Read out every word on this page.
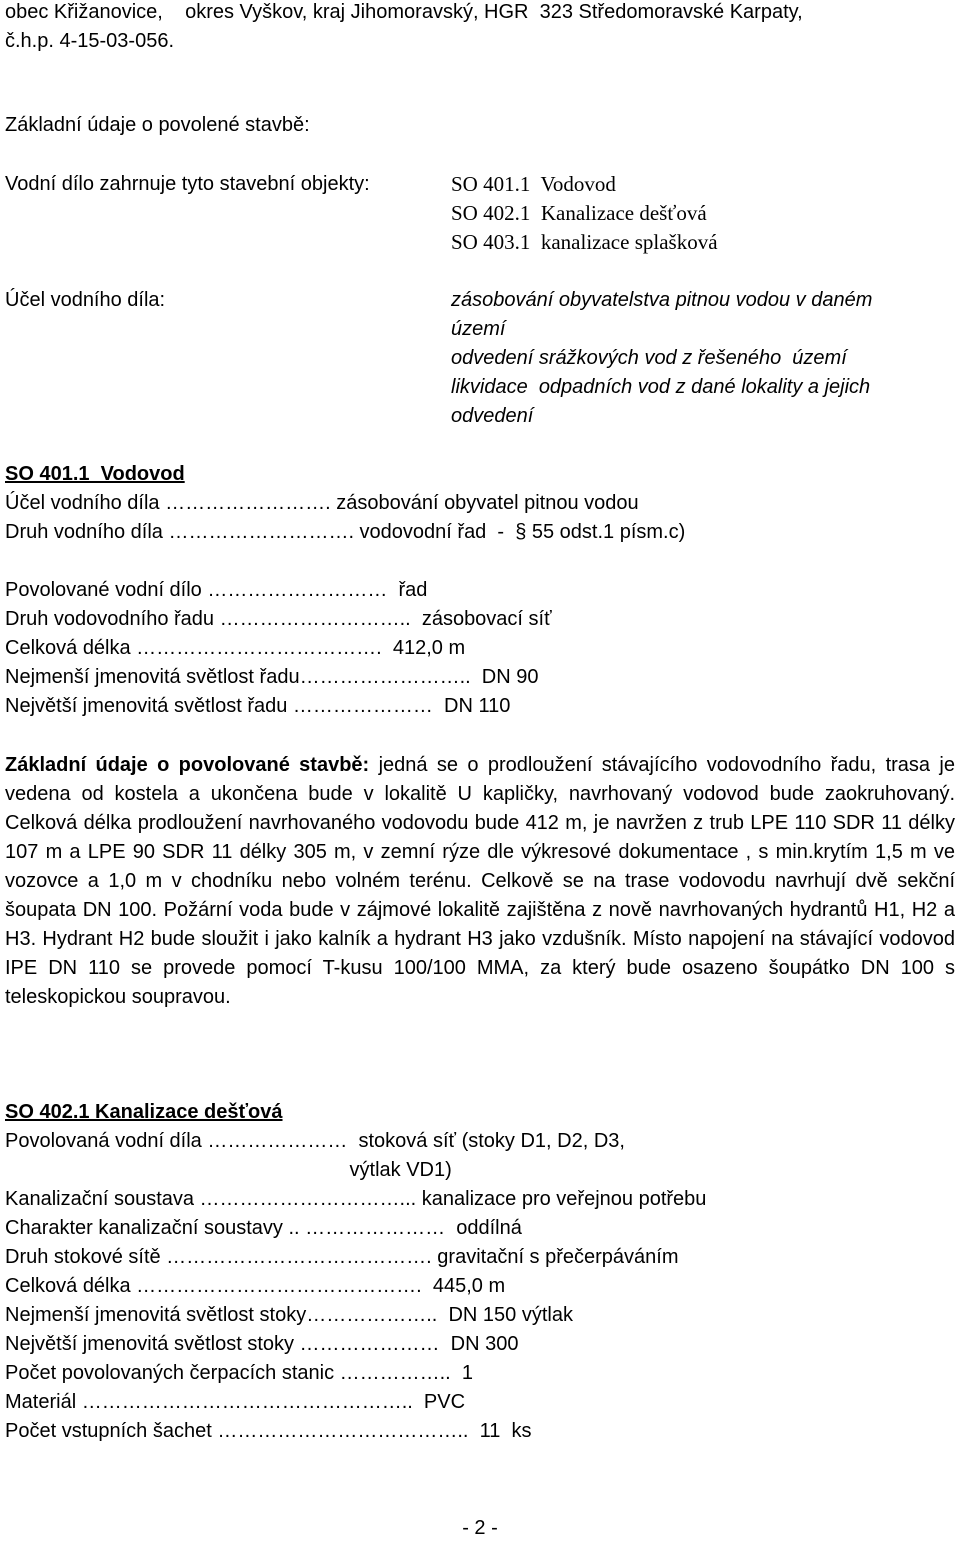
obec Křižanovice,    okres Vyškov, kraj Jihomoravský, HGR  323 Středomoravské Karpaty,
č.h.p. 4-15-03-056.
Základní údaje o povolené stavbě:
Vodní dílo zahrnuje tyto stavební objekty:	SO 401.1  Vodovod
SO 402.1  Kanalizace dešťová
SO 403.1  kanalizace splašková
Účel vodního díla:	zásobování obyvatelstva pitnou vodou v daném
území
odvedení srážkových vod z řešeného  území
likvidace  odpadních vod z dané lokality a jejich
odvedení
SO 401.1  Vodovod
Účel vodního díla ……………………. zásobování obyvatel pitnou vodou
Druh vodního díla ………………………. vodovodní řad  -  § 55 odst.1 písm.c)
Povolované vodní dílo ………………………  řad
Druh vodovodního řadu ………………………..  zásobovací síť
Celková délka ……………………………….  412,0 m
Nejmenší jmenovitá světlost řadu……………………..  DN 90
Největší jmenovitá světlost řadu …………………  DN 110
Základní údaje o povolované stavbě: jedná se o prodloužení stávajícího vodovodního řadu, trasa je vedena od kostela a ukončena bude v lokalitě U kapličky, navrhovaný vodovod bude zaokruhovaný. Celková délka prodloužení navrhovaného vodovodu bude 412 m, je navržen z trub LPE 110 SDR 11 délky 107 m a LPE 90 SDR 11 délky 305 m, v zemní rýze dle výkresové dokumentace , s min.krytím 1,5 m ve vozovce a 1,0 m v chodníku nebo volném terénu. Celkově se na trase vodovodu navrhují dvě sekční šoupata DN 100. Požární voda bude v zájmové lokalitě zajištěna z nově navrhovaných hydrantů H1, H2 a H3. Hydrant H2 bude sloužit i jako kalník a hydrant H3 jako vzdušník. Místo napojení na stávající vodovod IPE DN 110 se provede pomocí T-kusu 100/100 MMA, za který bude osazeno šoupátko DN 100 s teleskopickou soupravou.
SO 402.1 Kanalizace dešťová
Povolovaná vodní díla …………………  stoková síť (stoky D1, D2, D3,
výtlak VD1)
Kanalizační soustava …………………………... kanalizace pro veřejnou potřebu
Charakter kanalizační soustavy .. …………………  oddílná
Druh stokové sítě …………………………………. gravitační s přečerpáváním
Celková délka …………………………………….  445,0 m
Nejmenší jmenovitá světlost stoky………………..  DN 150 výtlak
Největší jmenovitá světlost stoky …………………  DN 300
Počet povolovaných čerpacích stanic ……………..  1
Materiál …………………………………………..  PVC
Počet vstupních šachet ………………………………..  11  ks
- 2 -
